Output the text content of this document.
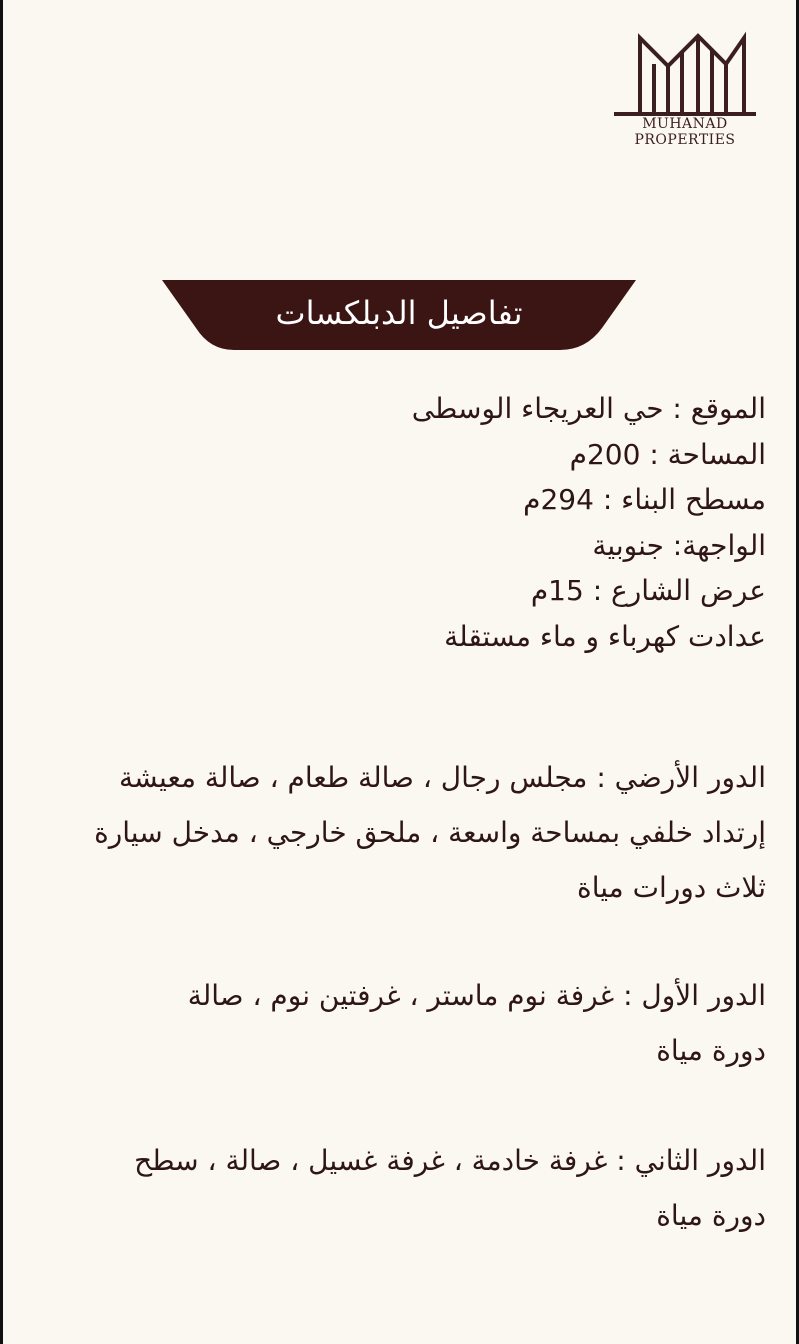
MUHANAD
PROPERTIES
تفاصيل الدبلكسات
الموقع : حي العريجاء الوسطى
المساحة : 200م
مسطح البناء : 294م
الواجهة: جنوبية
عرض الشارع : 15م
عدادت كهرباء و ماء مستقلة
الدور الأرضي : مجلس رجال ، صالة طعام ، صالة معيشة
إرتداد خلفي بمساحة واسعة ، ملحق خارجي ، مدخل سيارة
ثلاث دورات مياة
الدور الأول : غرفة نوم ماستر ، غرفتين نوم ، صالة
دورة مياة
الدور الثاني : غرفة خادمة ، غرفة غسيل ، صالة ، سطح
دورة مياة
